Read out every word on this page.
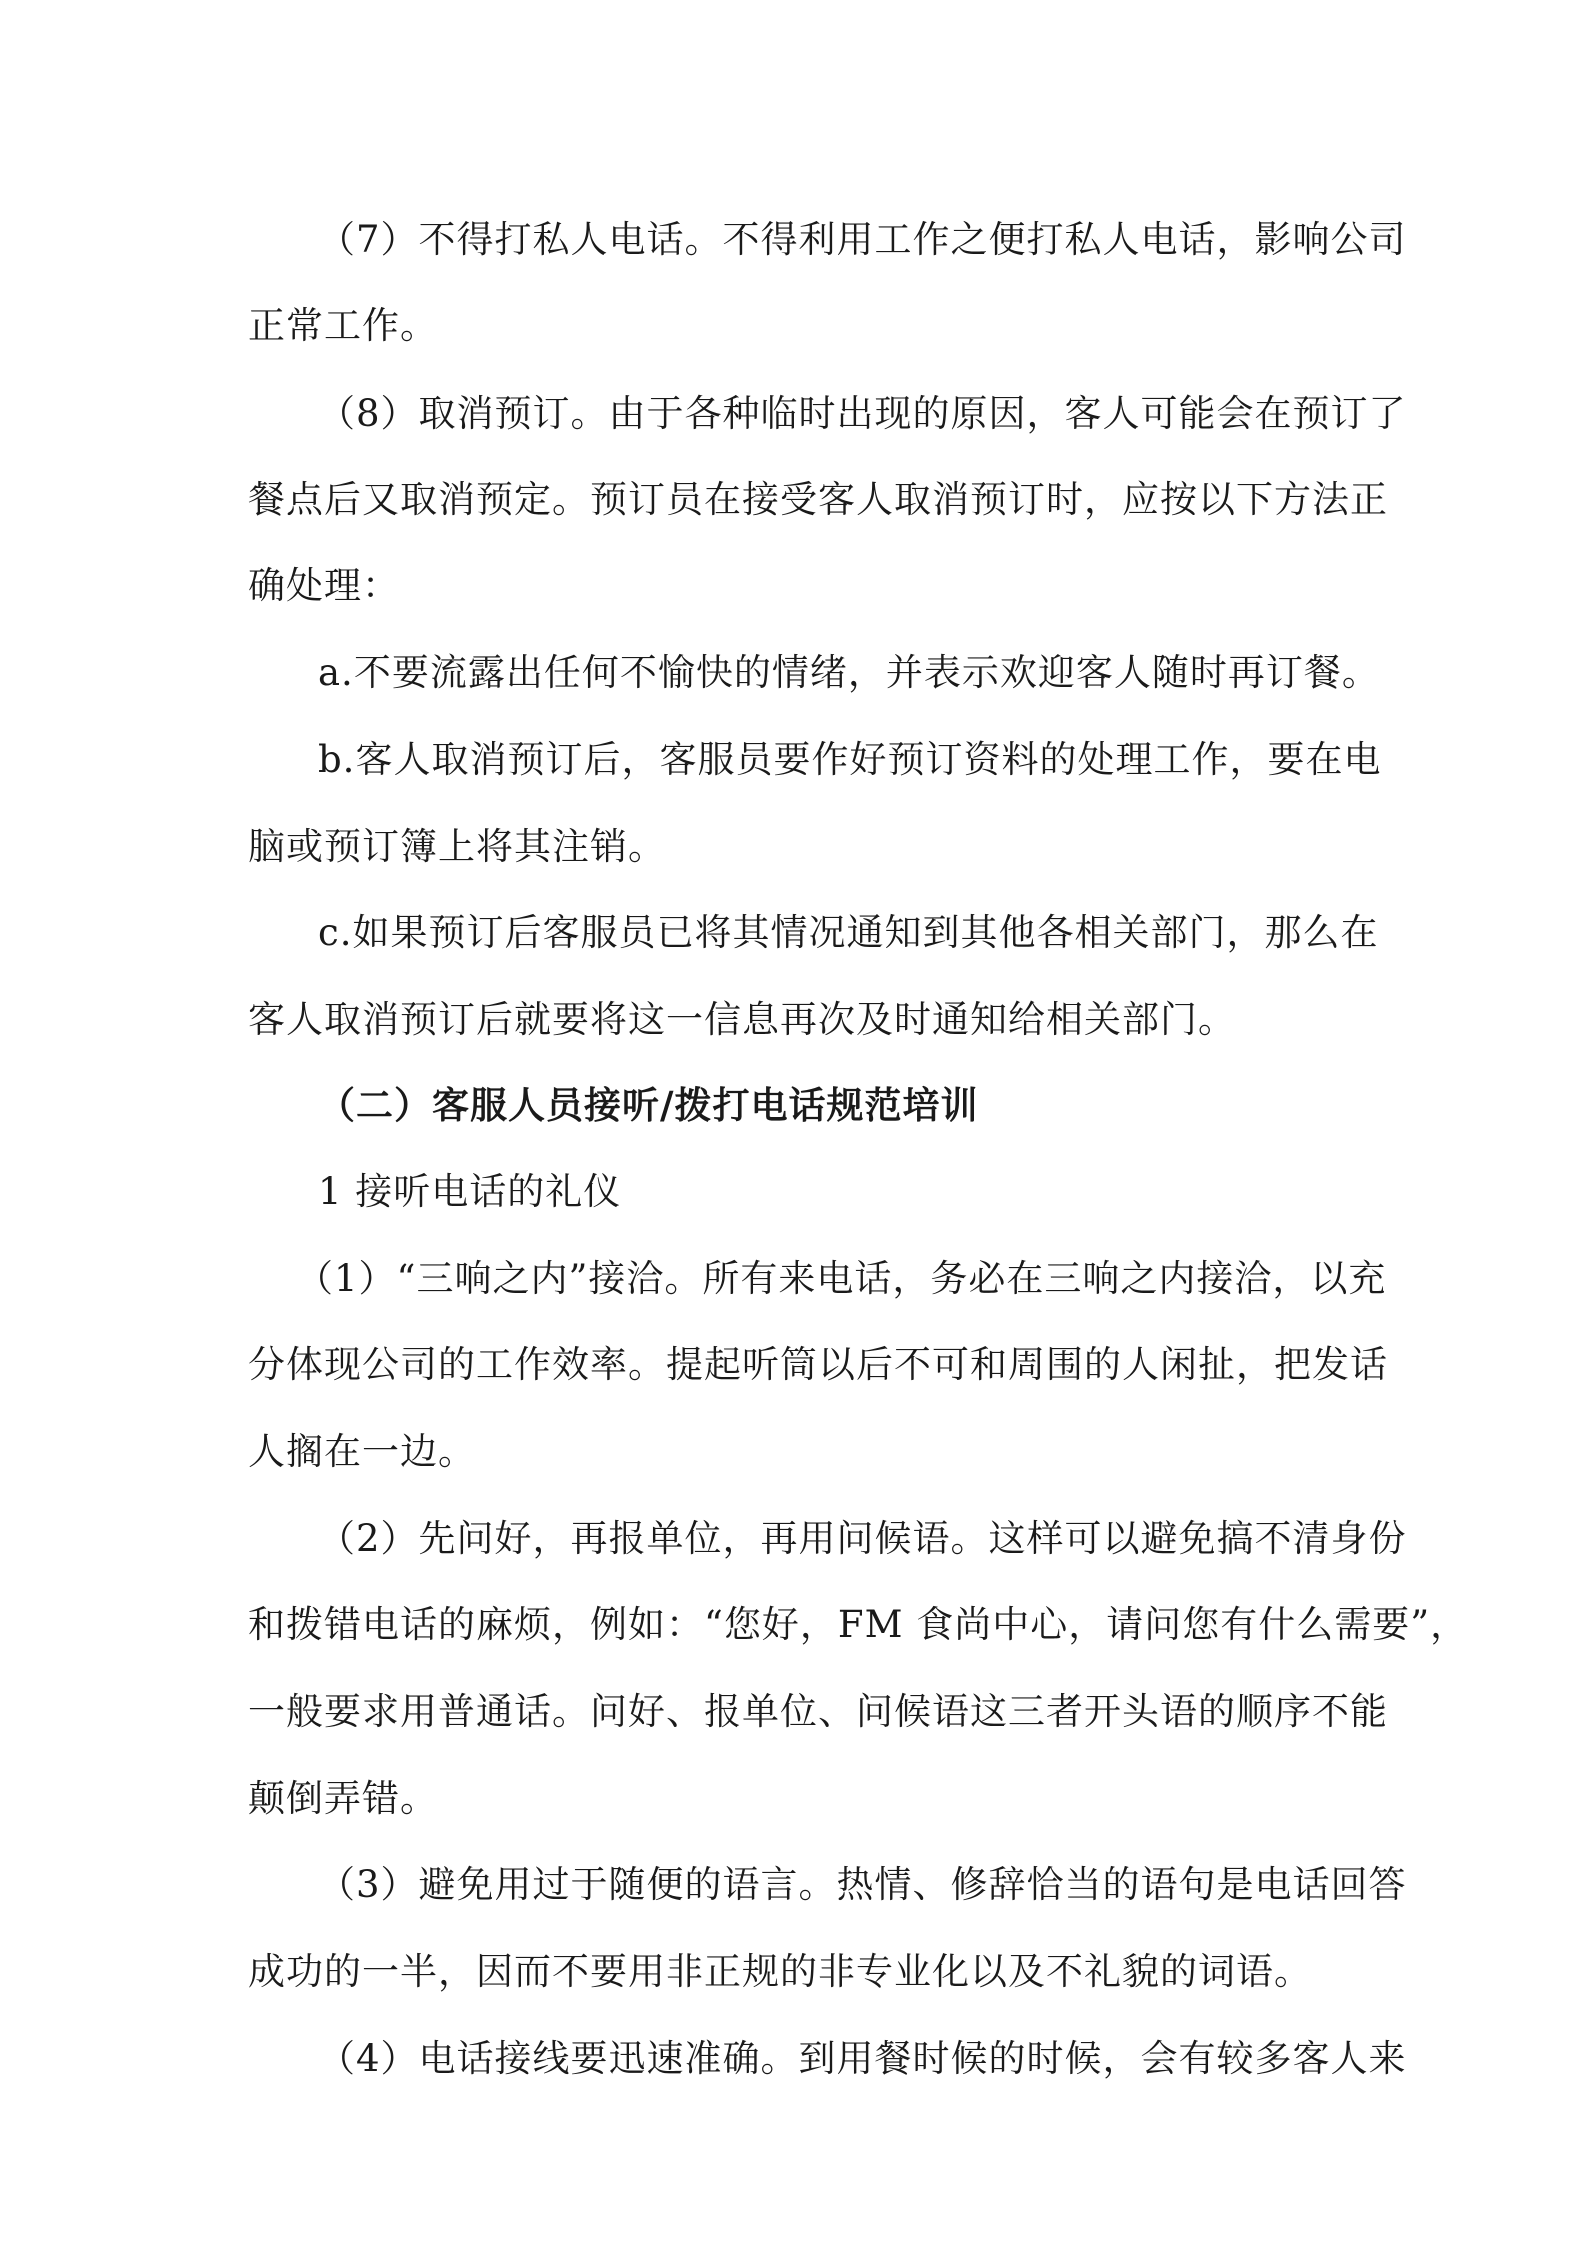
（7）不得打私人电话。不得利用工作之便打私人电话，影响公司
正常工作。
（8）取消预订。由于各种临时出现的原因，客人可能会在预订了
餐点后又取消预定。预订员在接受客人取消预订时，应按以下方法正
确处理：
a.不要流露出任何不愉快的情绪，并表示欢迎客人随时再订餐。
b.客人取消预订后，客服员要作好预订资料的处理工作，要在电
脑或预订簿上将其注销。
c.如果预订后客服员已将其情况通知到其他各相关部门，那么在
客人取消预订后就要将这一信息再次及时通知给相关部门。
（二）客服人员接听/拨打电话规范培训
1 接听电话的礼仪
（1）“三响之内”接洽。所有来电话，务必在三响之内接洽，以充
分体现公司的工作效率。提起听筒以后不可和周围的人闲扯，把发话
人搁在一边。
（2）先问好，再报单位，再用问候语。这样可以避免搞不清身份
和拨错电话的麻烦，例如：“您好，FM 食尚中心，请问您有什么需要”，
一般要求用普通话。问好、报单位、问候语这三者开头语的顺序不能
颠倒弄错。
（3）避免用过于随便的语言。热情、修辞恰当的语句是电话回答
成功的一半，因而不要用非正规的非专业化以及不礼貌的词语。
（4）电话接线要迅速准确。到用餐时候的时候，会有较多客人来
